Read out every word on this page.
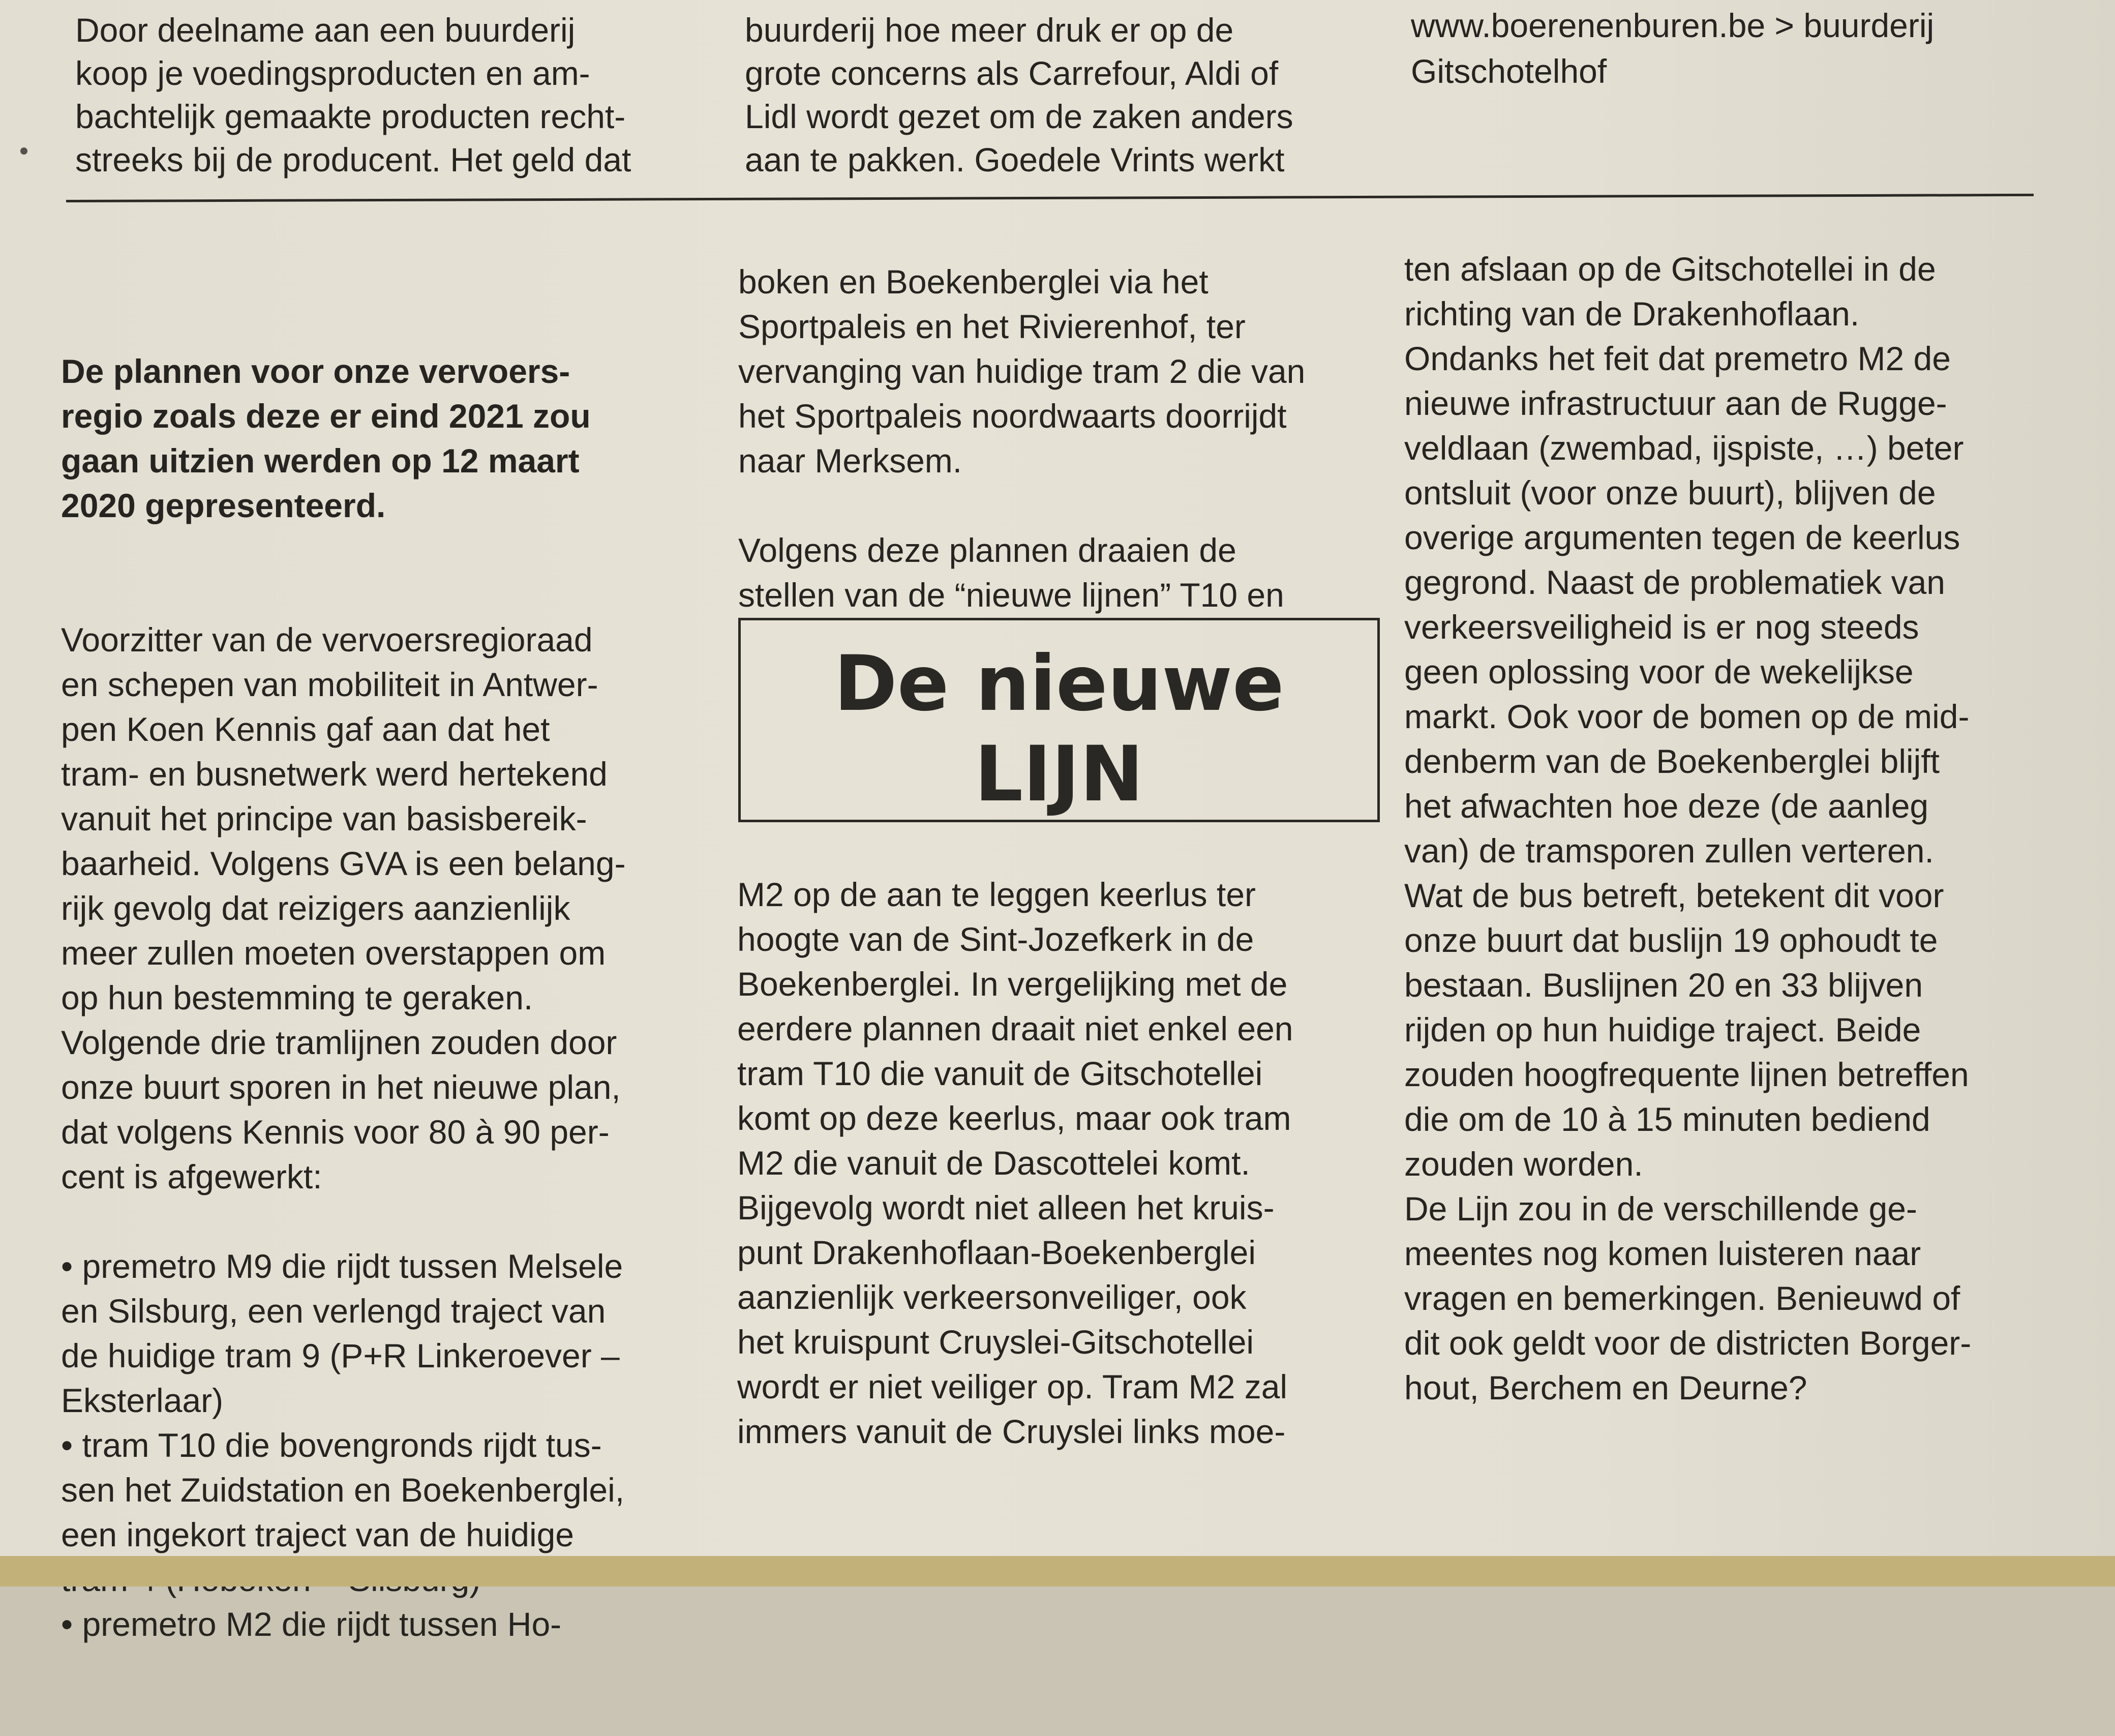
Door deelname aan een buurderij
koop je voedingsproducten en am-
bachtelijk gemaakte producten recht-
streeks bij de producent. Het geld dat
buurderij hoe meer druk er op de
grote concerns als Carrefour, Aldi of
Lidl wordt gezet om de zaken anders
aan te pakken. Goedele Vrints werkt
www.boerenenburen.be > buurderij
Gitschotelhof

De plannen voor onze vervoers-
regio zoals deze er eind 2021 zou
gaan uitzien werden op 12 maart
2020 gepresenteerd.

Voorzitter van de vervoersregioraad
en schepen van mobiliteit in Antwer-
pen Koen Kennis gaf aan dat het
tram- en busnetwerk werd hertekend
vanuit het principe van basisbereik-
baarheid. Volgens GVA is een belang-
rijk gevolg dat reizigers aanzienlijk
meer zullen moeten overstappen om
op hun bestemming te geraken.
Volgende drie tramlijnen zouden door
onze buurt sporen in het nieuwe plan,
dat volgens Kennis voor 80 à 90 per-
cent is afgewerkt:

• premetro M9 die rijdt tussen Melsele
en Silsburg, een verlengd traject van
de huidige tram 9 (P+R Linkeroever –
Eksterlaar)
• tram T10 die bovengronds rijdt tus-
sen het Zuidstation en Boekenberglei,
een ingekort traject van de huidige
• premetro M2 die rijdt tussen Ho-

boken en Boekenberglei via het
Sportpaleis en het Rivierenhof, ter
vervanging van huidige tram 2 die van
het Sportpaleis noordwaarts doorrijdt
naar Merksem.

Volgens deze plannen draaien de
stellen van de “nieuwe lijnen” T10 en
De nieuwe
LIJN
M2 op de aan te leggen keerlus ter
hoogte van de Sint-Jozefkerk in de
Boekenberglei. In vergelijking met de
eerdere plannen draait niet enkel een
tram T10 die vanuit de Gitschotellei
komt op deze keerlus, maar ook tram
M2 die vanuit de Dascottelei komt.
Bijgevolg wordt niet alleen het kruis-
punt Drakenhoflaan-Boekenberglei
aanzienlijk verkeersonveiliger, ook
het kruispunt Cruyslei-Gitschotellei
wordt er niet veiliger op. Tram M2 zal
immers vanuit de Cruyslei links moe-
ten afslaan op de Gitschotellei in de
richting van de Drakenhoflaan.
Ondanks het feit dat premetro M2 de
nieuwe infrastructuur aan de Rugge-
veldlaan (zwembad, ijspiste, …) beter
ontsluit (voor onze buurt), blijven de
overige argumenten tegen de keerlus
gegrond. Naast de problematiek van
verkeersveiligheid is er nog steeds
geen oplossing voor de wekelijkse
markt. Ook voor de bomen op de mid-
denberm van de Boekenberglei blijft
het afwachten hoe deze (de aanleg
van) de tramsporen zullen verteren.
Wat de bus betreft, betekent dit voor
onze buurt dat buslijn 19 ophoudt te
bestaan. Buslijnen 20 en 33 blijven
rijden op hun huidige traject. Beide
zouden hoogfrequente lijnen betreffen
die om de 10 à 15 minuten bediend
zouden worden.
De Lijn zou in de verschillende ge-
meentes nog komen luisteren naar
vragen en bemerkingen. Benieuwd of
dit ook geldt voor de districten Borger-
hout, Berchem en Deurne?
